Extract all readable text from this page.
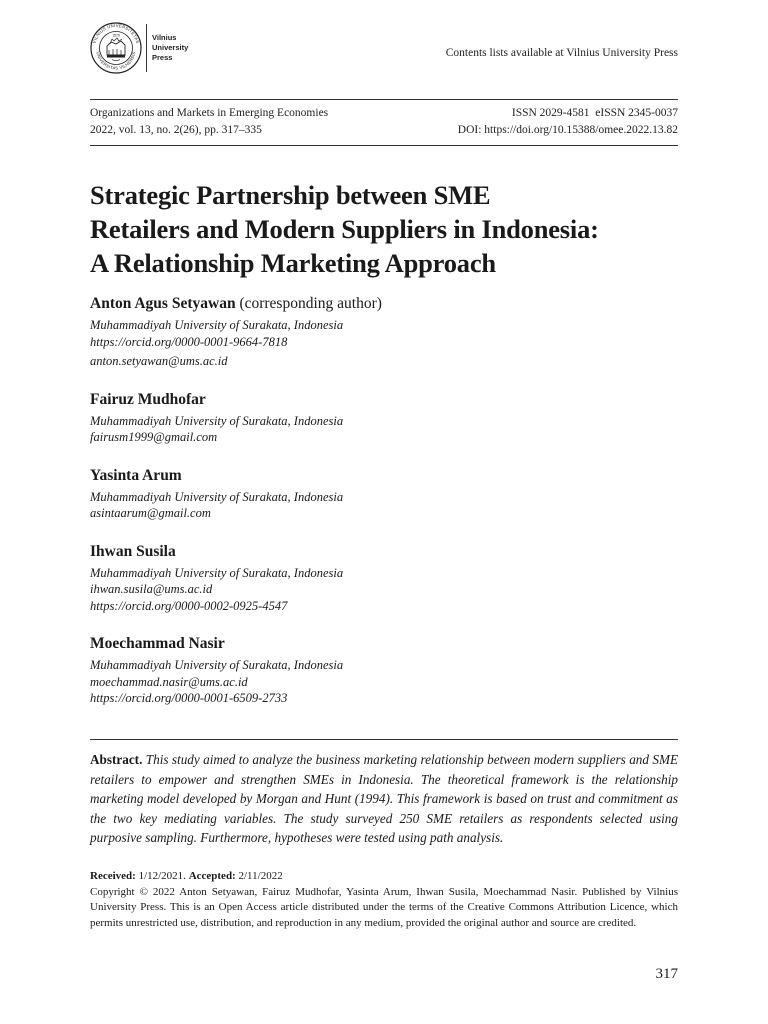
VILNIUS UNIVERSITETAS
UNIVERSITAS VILNENSIS
1579	Vilnius
University
Press	Contents lists available at Vilnius University Press
Organizations and Markets in Emerging Economies
2022, vol. 13, no. 2(26), pp. 317–335
ISSN 2029-4581  eISSN 2345-0037
DOI: https://doi.org/10.15388/omee.2022.13.82
Strategic Partnership between SME
Retailers and Modern Suppliers in Indonesia:
A Relationship Marketing Approach
Anton Agus Setyawan (corresponding author)
Muhammadiyah University of Surakata, Indonesia
https://orcid.org/0000-0001-9664-7818
anton.setyawan@ums.ac.id
Fairuz Mudhofar
Muhammadiyah University of Surakata, Indonesia
fairusm1999@gmail.com
Yasinta Arum
Muhammadiyah University of Surakata, Indonesia
asintaarum@gmail.com
Ihwan Susila
Muhammadiyah University of Surakata, Indonesia
ihwan.susila@ums.ac.id
https://orcid.org/0000-0002-0925-4547
Moechammad Nasir
Muhammadiyah University of Surakata, Indonesia
moechammad.nasir@ums.ac.id
https://orcid.org/0000-0001-6509-2733

Abstract. This study aimed to analyze the business marketing relationship between modern suppliers and SME retailers to empower and strengthen SMEs in Indonesia. The theoretical framework is the relationship marketing model developed by Morgan and Hunt (1994). This framework is based on trust and commitment as the two key mediating variables. The study surveyed 250 SME retailers as respondents selected using purposive sampling. Furthermore, hypotheses were tested using path analysis.

Received: 1/12/2021. Accepted: 2/11/2022

Copyright © 2022 Anton Setyawan, Fairuz Mudhofar, Yasinta Arum, Ihwan Susila, Moechammad Nasir. Published by Vilnius University Press. This is an Open Access article distributed under the terms of the Creative Commons Attribution Licence, which permits unrestricted use, distribution, and reproduction in any medium, provided the original author and source are credited.

317
